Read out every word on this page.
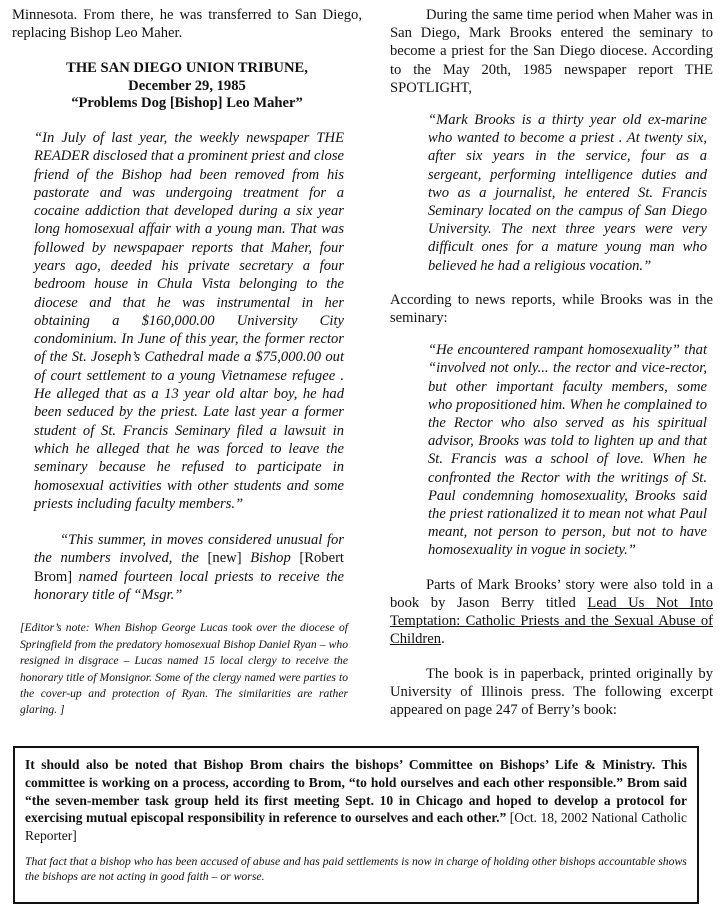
Minnesota. From there, he was transferred to San Diego, replacing Bishop Leo Maher.

THE SAN DIEGO UNION TRIBUNE,
December 29, 1985
“Problems Dog [Bishop] Leo Maher”

“In July of last year, the weekly newspaper THE READER disclosed that a prominent priest and close friend of the Bishop had been removed from his pastorate and was undergoing treatment for a cocaine addiction that developed during a six year long homosexual affair with a young man. That was followed by newspapaer reports that Maher, four years ago, deeded his private secretary a four bedroom house in Chula Vista belonging to the diocese and that he was instrumental in her obtaining a $160,000.00 University City condominium. In June of this year, the former rector of the St. Joseph’s Cathedral made a $75,000.00 out of court settlement to a young Vietnamese refugee . He alleged that as a 13 year old altar boy, he had been seduced by the priest. Late last year a former student of St. Francis Seminary filed a lawsuit in which he alleged that he was forced to leave the seminary because he refused to participate in homosexual activities with other students and some priests including faculty members.”

“This summer, in moves considered unusual for the numbers involved, the [new] Bishop [Robert Brom] named fourteen local priests to receive the honorary title of “Msgr.”

[Editor’s note: When Bishop George Lucas took over the diocese of Springfield from the predatory homosexual Bishop Daniel Ryan – who resigned in disgrace – Lucas named 15 local clergy to receive the honorary title of Monsignor. Some of the clergy named were parties to the cover-up and protection of Ryan. The similarities are rather glaring. ]

During the same time period when Maher was in San Diego, Mark Brooks entered the seminary to become a priest for the San Diego diocese. According to the May 20th, 1985 newspaper report THE SPOTLIGHT,

“Mark Brooks is a thirty year old ex-marine who wanted to become a priest . At twenty six, after six years in the service, four as a sergeant, performing intelligence duties and two as a journalist, he entered St. Francis Seminary located on the campus of San Diego University. The next three years were very difficult ones for a mature young man who believed he had a religious vocation.”

According to news reports, while Brooks was in the seminary:

“He encountered rampant homosexuality” that “involved not only... the rector and vice-rector, but other important faculty members, some who propositioned him. When he complained to the Rector who also served as his spiritual advisor, Brooks was told to lighten up and that St. Francis was a school of love. When he confronted the Rector with the writings of St. Paul condemning homosexuality, Brooks said the priest rationalized it to mean not what Paul meant, not person to person, but not to have homosexuality in vogue in society.”

Parts of Mark Brooks’ story were also told in a book by Jason Berry titled Lead Us Not Into Temptation: Catholic Priests and the Sexual Abuse of Children.

The book is in paperback, printed originally by University of Illinois press. The following excerpt appeared on page 247 of Berry’s book:

It should also be noted that Bishop Brom chairs the bishops’ Committee on Bishops’ Life & Ministry. This committee is working on a process, according to Brom, “to hold ourselves and each other responsible.” Brom said “the seven-member task group held its first meeting Sept. 10 in Chicago and hoped to develop a protocol for exercising mutual episcopal responsibility in reference to ourselves and each other.” [Oct. 18, 2002 National Catholic Reporter]

That fact that a bishop who has been accused of abuse and has paid settlements is now in charge of holding other bishops accountable shows the bishops are not acting in good faith – or worse.
